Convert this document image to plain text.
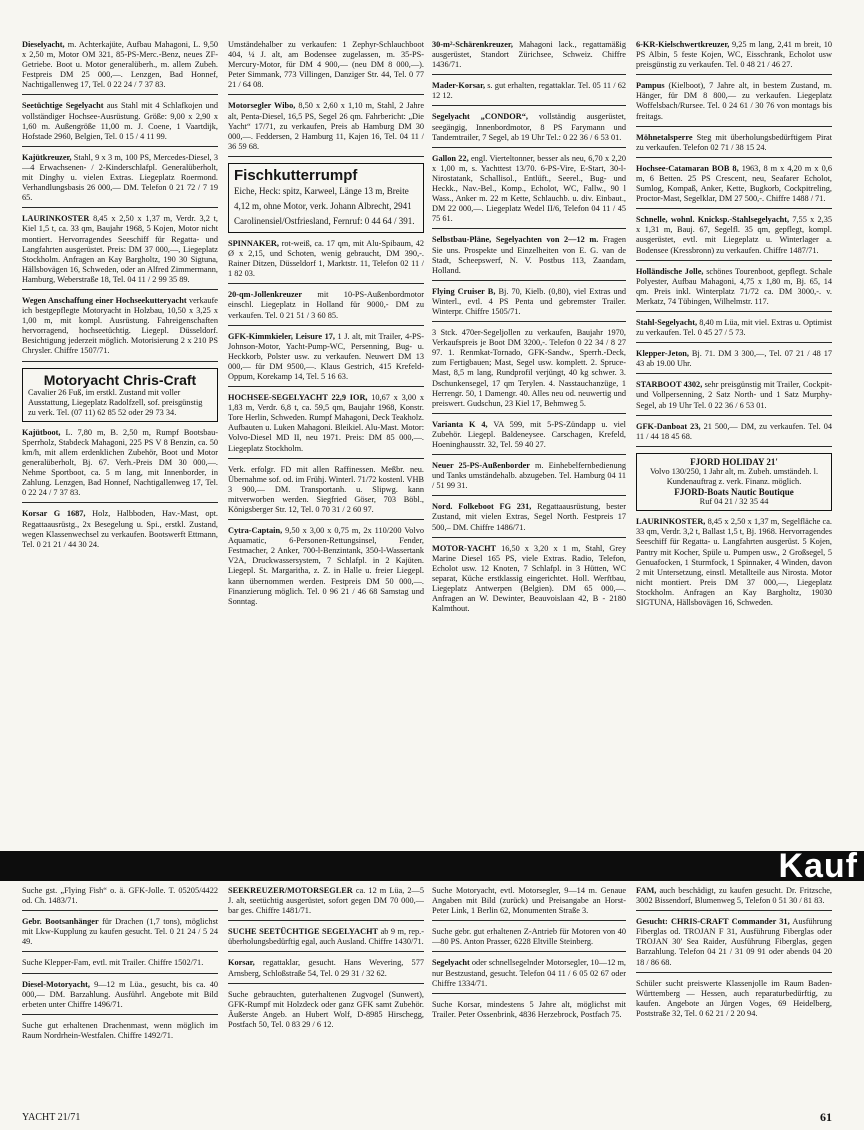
Dieselyacht, m. Achterkajüte, Aufbau Mahagoni, L. 9,50 x 2,50 m, Motor OM 321, 85-PS-Merc.-Benz, neues ZF-Getriebe. Boot u. Motor generalüberh., m. allem Zubeh. Festpreis DM 25 000,—. Lenzgen, Bad Honnef, Nachtigallenweg 17, Tel. 0 22 24 / 7 37 83.

Seetüchtige Segelyacht aus Stahl mit 4 Schlafkojen und vollständiger Hochsee-Ausrüstung. Größe: 9,00 x 2,90 x 1,60 m. Außengröße 11,00 m. J. Coene, 1 Vaartdijk, Hofstade 2960, Belgien, Tel. 0 15 / 4 11 99.

Kajütkreuzer, Stahl, 9 x 3 m, 100 PS, Mercedes-Diesel, 3—4 Erwachsenen- / 2-Kinderschlafpl. Generalüberholt, mit Dinghy u. vielen Extras. Liegeplatz Roermond. Verhandlungsbasis 26 000,— DM. Telefon 0 21 72 / 7 19 65.

LAURINKOSTER 8,45 x 2,50 x 1,37 m, Verdr. 3,2 t, Kiel 1,5 t, ca. 33 qm, Baujahr 1968, 5 Kojen, Motor nicht montiert. Hervorragendes Seeschiff für Regatta- und Langfahrten ausgerüstet. Preis: DM 37 000,—, Liegeplatz Stockholm. Anfragen an Kay Bargholtz, 190 30 Sigtuna, Hällsbovägen 16, Schweden, oder an Alfred Zimmermann, Hamburg, Weberstraße 18, Tel. 04 11 / 2 99 35 89.

Wegen Anschaffung einer Hochseekutteryacht verkaufe ich bestgepflegte Motoryacht in Holzbau, 10,50 x 3,25 x 1,00 m, mit kompl. Ausrüstung. Fahreigenschaften hervorragend, hochseetüchtig. Liegepl. Düsseldorf. Besichtigung jederzeit möglich. Motorisierung 2 x 210 PS Chrysler. Chiffre 1507/71.

Motoryacht Chris-Craft
Cavalier 26 Fuß, im erstkl. Zustand mit voller Ausstattung, Liegeplatz Radolfzell, sof. preisgünstig zu verk. Tel. (07 11) 62 85 52 oder 29 73 34.

Kajütboot, L. 7,80 m, B. 2,50 m, Rumpf Bootsbau-Sperrholz, Stabdeck Mahagoni, 225 PS V 8 Benzin, ca. 50 km/h, mit allem erdenklichen Zubehör, Boot und Motor generalüberholt, Bj. 67. Verh.-Preis DM 30 000,—. Nehme Sportboot, ca. 5 m lang, mit Innenborder, in Zahlung. Lenzgen, Bad Honnef, Nachtigallenweg 17, Tel. 0 22 24 / 7 37 83.

Korsar G 1687, Holz, Halbboden, Hav.-Mast, opt. Regattaausrüstg., 2x Besegelung u. Spi., erstkl. Zustand, wegen Klassenwechsel zu verkaufen. Bootswerft Ettmann, Tel. 0 21 21 / 44 30 24.

Umständehalber zu verkaufen: 1 Zephyr-Schlauchboot 404, ¼ J. alt, am Bodensee zugelassen, m. 35-PS-Mercury-Motor, für DM 4 900,— (neu DM 8 000,—). Peter Simmank, 773 Villingen, Danziger Str. 44, Tel. 0 77 21 / 64 08.

Motorsegler Wibo, 8,50 x 2,60 x 1,10 m, Stahl, 2 Jahre alt, Penta-Diesel, 16,5 PS, Segel 26 qm. Fahrbericht: „Die Yacht“ 17/71, zu verkaufen, Preis ab Hamburg DM 30 000,—. Feddersen, 2 Hamburg 11, Kajen 16, Tel. 04 11 / 36 59 68.

Fischkutterrumpf
Eiche, Heck: spitz, Karweel, Länge 13 m, Breite 4,12 m, ohne Motor, verk. Johann Albrecht, 2941 Carolinensiel/Ostfriesland, Fernruf: 0 44 64 / 391.

SPINNAKER, rot-weiß, ca. 17 qm, mit Alu-Spibaum, 42 Ø x 2,15, und Schoten, wenig gebraucht, DM 390,-. Rainer Ditzen, Düsseldorf 1, Marktstr. 11, Telefon 02 11 / 1 82 03.

20-qm-Jollenkreuzer mit 10-PS-Außenbordmotor einschl. Liegeplatz in Holland für 9000,- DM zu verkaufen. Tel. 0 21 51 / 3 60 85.

GFK-Kimmkieler, Leisure 17, 1 J. alt, mit Trailer, 4-PS-Johnson-Motor, Yacht-Pump-WC, Persenning, Bug- u. Heckkorb, Polster usw. zu verkaufen. Neuwert DM 13 000,— für DM 9500,—. Klaus Gestrich, 415 Krefeld-Oppum, Korekamp 14, Tel. 5 16 63.

HOCHSEE-SEGELYACHT 22,9 IOR, 10,67 x 3,00 x 1,83 m, Verdr. 6,8 t, ca. 59,5 qm, Baujahr 1968, Konstr. Tore Herlin, Schweden. Rumpf Mahagoni, Deck Teakholz. Aufbauten u. Luken Mahagoni. Bleikiel. Alu-Mast. Motor: Volvo-Diesel MD II, neu 1971. Preis: DM 85 000,—. Liegeplatz Stockholm.

Verk. erfolgr. FD mit allen Raffinessen. Meßbr. neu. Übernahme sof. od. im Frühj. Winterl. 71/72 kostenl. VHB 3 900,— DM. Transportanh. u. Slipwg. kann mitverworben werden. Siegfried Göser, 703 Böbl., Königsberger Str. 12, Tel. 0 70 31 / 2 60 97.

Cytra-Captain, 9,50 x 3,00 x 0,75 m, 2x 110/200 Volvo Aquamatic, 6-Personen-Rettungsinsel, Fender, Festmacher, 2 Anker, 700-l-Benzintank, 350-l-Wassertank V2A, Druckwassersystem, 7 Schlafpl. in 2 Kajüten. Liegepl. St. Margaritha, z. Z. in Halle u. freier Liegepl. kann übernommen werden. Festpreis DM 50 000,—. Finanzierung möglich. Tel. 0 96 21 / 46 68 Samstag und Sonntag.

30-m²-Schärenkreuzer, Mahagoni lack., regattamäßig ausgerüstet, Standort Zürichsee, Schweiz. Chiffre 1436/71.

Mader-Korsar, s. gut erhalten, regattaklar. Tel. 05 11 / 62 12 12.

Segelyacht „CONDOR“, vollständig ausgerüstet, seegängig, Innenbordmotor, 8 PS Farymann und Tandemtrailer, 7 Segel, ab 19 Uhr Tel.: 0 22 36 / 6 53 01.

Gallon 22, engl. Vierteltonner, besser als neu, 6,70 x 2,20 x 1,00 m, s. Yachttest 13/70. 6-PS-Vire, E-Start, 30-l-Nirostatank, Schallisol., Entlüft., Seerel., Bug- und Heckk., Nav.-Bel., Komp., Echolot, WC, Fallw., 90 l Wass., Anker m. 22 m Kette, Schlauchb. u. div. Einbaut., DM 22 000,—. Liegeplatz Wedel II/6, Telefon 04 11 / 45 75 61.

Selbstbau-Pläne, Segelyachten von 2—12 m. Fragen Sie uns. Prospekte und Einzelheiten von E. G. van de Stadt, Scheepswerf, N. V. Postbus 113, Zaandam, Holland.

Flying Cruiser B, Bj. 70, Kielb. (0,80), viel Extras und Winterl., evtl. 4 PS Penta und gebremster Trailer. Winterpr. Chiffre 1505/71.

3 Stck. 470er-Segeljollen zu verkaufen, Baujahr 1970, Verkaufspreis je Boot DM 3200,-. Telefon 0 22 34 / 8 27 97. 1. Renmkat-Tornado, GFK-Sandw., Sperrh.-Deck, zum Fertigbauen; Mast, Segel usw. komplett. 2. Spruce-Mast, 8,5 m lang, Rundprofil verjüngt, 40 kg schwer. 3. Dschunkensegel, 17 qm Terylen. 4. Nasstauchanzüge, 1 Herrengr. 50, 1 Damengr. 40. Alles neu od. neuwertig und preiswert. Gudschun, 23 Kiel 17, Behmweg 5.

Varianta K 4, VA 599, mit 5-PS-Zündapp u. viel Zubehör. Liegepl. Baldeneysee. Carschagen, Krefeld, Hoeninghausstr. 32, Tel. 59 40 27.

Neuer 25-PS-Außenborder m. Einhebelfernbedienung und Tanks umständehalb. abzugeben. Tel. Hamburg 04 11 / 51 99 31.

Nord. Folkeboot FG 231, Regattaausrüstung, bester Zustand, mit vielen Extras, Segel North. Festpreis 17 500,– DM. Chiffre 1486/71.

MOTOR-YACHT 16,50 x 3,20 x 1 m, Stahl, Grey Marine Diesel 165 PS, viele Extras. Radio, Telefon, Echolot usw. 12 Knoten, 7 Schlafpl. in 3 Hütten, WC separat, Küche erstklassig eingerichtet. Holl. Werftbau, Liegeplatz Antwerpen (Belgien). DM 65 000,—. Anfragen an W. Dewinter, Beauvoislaan 42, B - 2180 Kalmthout.

6-KR-Kielschwertkreuzer, 9,25 m lang, 2,41 m breit, 10 PS Albin, 5 feste Kojen, WC, Eisschrank, Echolot usw preisgünstig zu verkaufen. Tel. 0 48 21 / 46 27.

Pampus (Kielboot), 7 Jahre alt, in bestem Zustand, m. Hänger, für DM 8 800,— zu verkaufen. Liegeplatz Woffelsbach/Rursee. Tel. 0 24 61 / 30 76 von montags bis freitags.

Möhnetalsperre Steg mit überholungsbedürftigem Pirat zu verkaufen. Telefon 02 71 / 38 15 24.

Hochsee-Catamaran BOB 8, 1963, 8 m x 4,20 m x 0,6 m, 6 Betten. 25 PS Crescent, neu, Seafarer Echolot, Sumlog, Kompaß, Anker, Kette, Bugkorb, Cockpitreling, Proctor-Mast, Segelklar, DM 27 500,-. Chiffre 1488 / 71.

Schnelle, wohnl. Knicksp.-Stahlsegelyacht, 7,55 x 2,35 x 1,31 m, Bauj. 67, Segelfl. 35 qm, gepflegt, kompl. ausgerüstet, evtl. mit Liegeplatz u. Winterlager a. Bodensee (Kressbronn) zu verkaufen. Chiffre 1487/71.

Holländische Jolle, schönes Tourenboot, gepflegt. Schale Polyester, Aufbau Mahagoni, 4,75 x 1,80 m, Bj. 65, 14 qm. Preis inkl. Winterplatz 71/72 ca. DM 3000,-. v. Merkatz, 74 Tübingen, Wilhelmstr. 117.

Stahl-Segelyacht, 8,40 m Lüa, mit viel. Extras u. Optimist zu verkaufen. Tel. 0 45 27 / 5 73.

Klepper-Jeton, Bj. 71. DM 3 300,—, Tel. 07 21 / 48 17 43 ab 19.00 Uhr.

STARBOOT 4302, sehr preisgünstig mit Trailer, Cockpit- und Vollpersenning, 2 Satz North- und 1 Satz Murphy-Segel, ab 19 Uhr Tel. 0 22 36 / 6 53 01.

GFK-Danboat 23, 21 500,— DM, zu verkaufen. Tel. 04 11 / 44 18 45 68.

FJORD HOLIDAY 21'
Volvo 130/250, 1 Jahr alt, m. Zubeh. umständeh. l. Kundenauftrag z. verk. Finanz. möglich.
FJORD-Boats Nautic Boutique
Ruf 04 21 / 32 35 44

LAURINKOSTER, 8,45 x 2,50 x 1,37 m, Segelfläche ca. 33 qm, Verdr. 3,2 t, Ballast 1,5 t, Bj. 1968. Hervorragendes Seeschiff für Regatta- u. Langfahrten ausgerüst. 5 Kojen, Pantry mit Kocher, Spüle u. Pumpen usw., 2 Großsegel, 5 Genuafocken, 1 Sturmfock, 1 Spinnaker, 4 Winden, davon 2 mit Untersetzung, einstl. Metallteile aus Nirosta. Motor nicht montiert. Preis DM 37 000,—, Liegeplatz Stockholm. Anfragen an Kay Bargholtz, 19030 SIGTUNA, Hällsbovägen 16, Schweden.

Kauf

Suche gst. „Flying Fish“ o. ä. GFK-Jolle. T. 05205/4422 od. Ch. 1483/71.

Gebr. Bootsanhänger für Drachen (1,7 tons), möglichst mit Lkw-Kupplung zu kaufen gesucht. Tel. 0 21 24 / 5 24 49.

Suche Klepper-Fam, evtl. mit Trailer. Chiffre 1502/71.

Diesel-Motoryacht, 9—12 m Lüa., gesucht, bis ca. 40 000,— DM. Barzahlung. Ausführl. Angebote mit Bild erbeten unter Chiffre 1496/71.

Suche gut erhaltenen Drachenmast, wenn möglich im Raum Nordrhein-Westfalen. Chiffre 1492/71.

SEEKREUZER/MOTORSEGLER ca. 12 m Lüa, 2—5 J. alt, seetüchtig ausgerüstet, sofort gegen DM 70 000,— bar ges. Chiffre 1481/71.

SUCHE SEETÜCHTIGE SEGELYACHT ab 9 m, rep.-überholungsbedürftig egal, auch Ausland. Chiffre 1430/71.

Korsar, regattaklar, gesucht. Hans Wevering, 577 Arnsberg, Schloßstraße 54, Tel. 0 29 31 / 32 62.

Suche gebrauchten, guterhaltenen Zugvogel (Sunwert), GFK-Rumpf mit Holzdeck oder ganz GFK samt Zubehör. Äußerste Angeb. an Hubert Wolf, D-8985 Hirschegg, Postfach 50, Tel. 0 83 29 / 6 12.

Suche Motoryacht, evtl. Motorsegler, 9—14 m. Genaue Angaben mit Bild (zurück) und Preisangabe an Horst-Peter Link, 1 Berlin 62, Monumenten Straße 3.

Suche gebr. gut erhaltenen Z-Antrieb für Motoren von 40—80 PS. Anton Prasser, 6228 Eltville Steinberg.

Segelyacht oder schnellsegelnder Motorsegler, 10—12 m, nur Bestzustand, gesucht. Telefon 04 11 / 6 05 02 67 oder Chiffre 1334/71.

Suche Korsar, mindestens 5 Jahre alt, möglichst mit Trailer. Peter Ossenbrink, 4836 Herzebrock, Postfach 75.

FAM, auch beschädigt, zu kaufen gesucht. Dr. Fritzsche, 3002 Bissendorf, Blumenweg 5, Telefon 0 51 30 / 81 83.

Gesucht: CHRIS-CRAFT Commander 31, Ausführung Fiberglas od. TROJAN F 31, Ausführung Fiberglas oder TROJAN 30' Sea Raider, Ausführung Fiberglas, gegen Barzahlung. Telefon 04 21 / 31 09 91 oder abends 04 20 18 / 86 68.

Schüler sucht preiswerte Klassenjolle im Raum Baden-Württemberg — Hessen, auch reparaturbedürftig, zu kaufen. Angebote an Jürgen Voges, 69 Heidelberg, Poststraße 32, Tel. 0 62 21 / 2 20 94.

YACHT 21/71	61
